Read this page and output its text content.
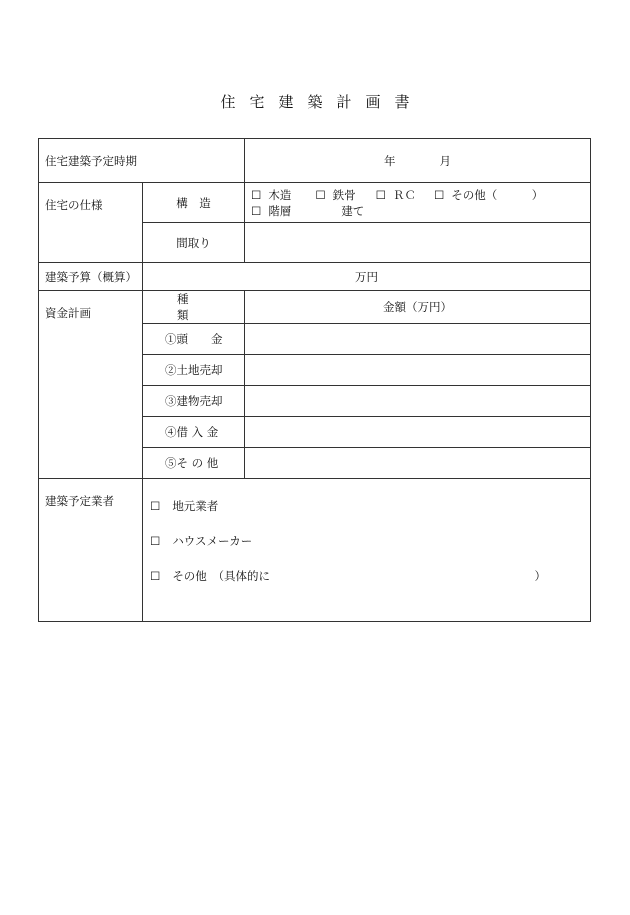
住宅建築計画書
住宅建築予定時期		年 月
住宅の仕様	構　造	☐ 木造 ☐ 鉄骨 ☐ ＲＣ ☐ その他（　　　）
☐ 階層 建て

	間取り	
建築予算（概算）	万円	
資金計画	種　　類	金額（万円）
	①頭　　金	
	②土地売却	
	③建物売却	
	④借 入 金	
	⑤そ の 他	
建築予定業者	☐ 地元業者
☐ ハウスメーカー
☐ その他　（具体的に　　　　　　　　　　　　　　　　　　　　　　　）	
